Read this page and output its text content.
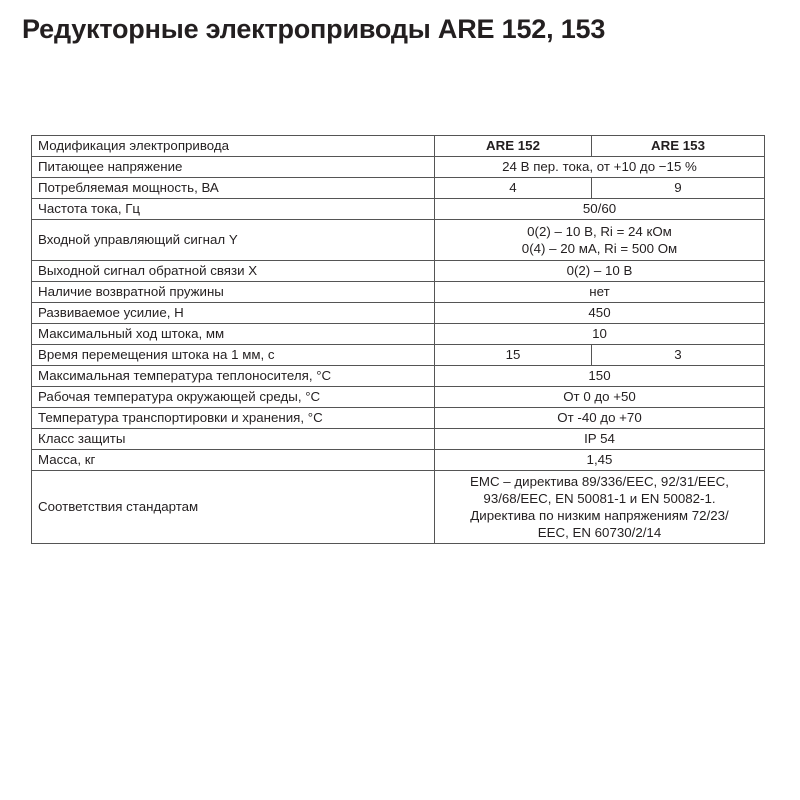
Редукторные электроприводы ARE 152, 153
Модификация электропривода	ARE 152	ARE 153
Питающее напряжение	24 В пер. тока, от +10 до −15 %	
Потребляемая мощность, ВА	4	9
Частота тока, Гц	50/60	
Входной управляющий сигнал Y	0(2) – 10 В, Ri = 24 кОм
0(4) – 20 мА, Ri = 500 Ом	

Выходной сигнал обратной связи X	0(2) – 10 В	
Наличие возвратной пружины	нет	
Развиваемое усилие, Н	450	
Максимальный ход штока, мм	10	
Время перемещения штока на 1 мм, с	15	3
Максимальная температура теплоносителя, °С	150	
Рабочая температура окружающей среды, °С	От 0 до +50	
Температура транспортировки и хранения, °С	От -40 до +70	
Класс защиты	IP 54	
Масса, кг	1,45	
Соответствия стандартам	EMC – директива 89/336/EEC, 92/31/EEC,
93/68/EEC, EN 50081-1 и EN 50082-1.
Директива по низким напряжениям 72/23/
EEC, EN 60730/2/14	
